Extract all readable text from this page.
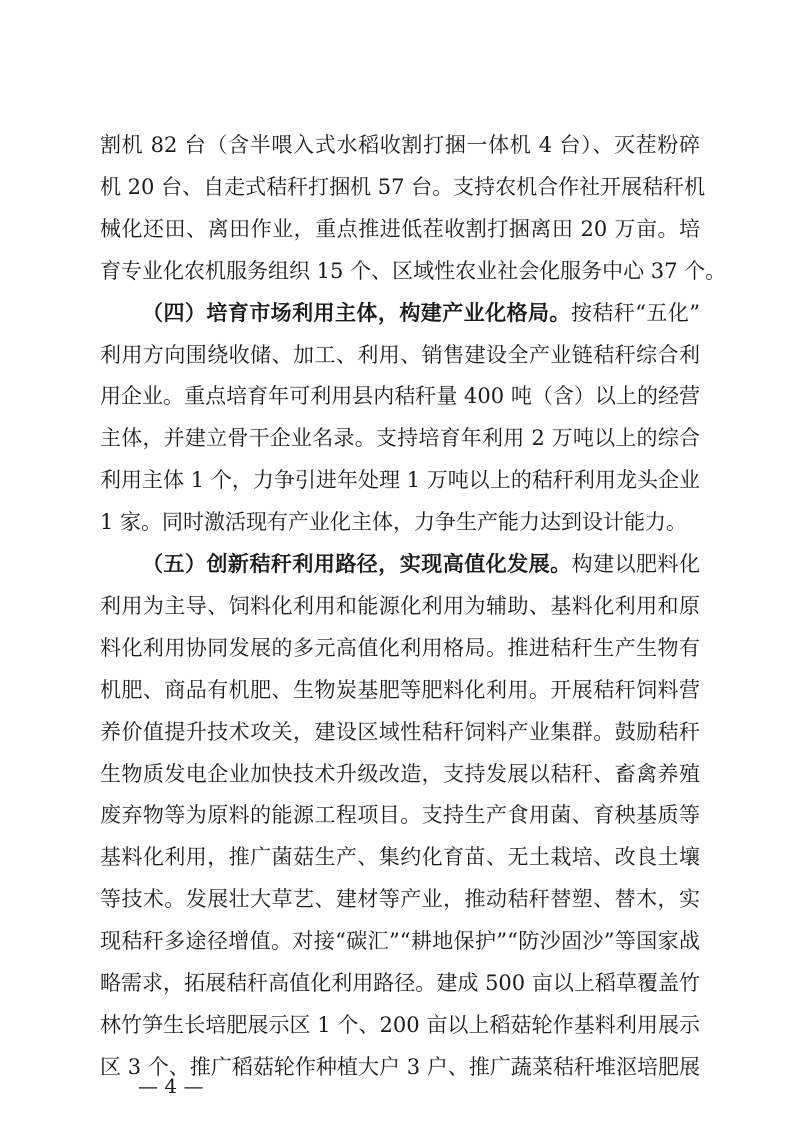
割机 82 台（含半喂入式水稻收割打捆一体机 4 台）、灭茬粉碎
机 20 台、自走式秸秆打捆机 57 台。支持农机合作社开展秸秆机
械化还田、离田作业，重点推进低茬收割打捆离田 20 万亩。培
育专业化农机服务组织 15 个、区域性农业社会化服务中心 37 个。
（四）培育市场利用主体，构建产业化格局。按秸秆“五化”
利用方向围绕收储、加工、利用、销售建设全产业链秸秆综合利
用企业。重点培育年可利用县内秸秆量 400 吨（含）以上的经营
主体，并建立骨干企业名录。支持培育年利用 2 万吨以上的综合
利用主体 1 个，力争引进年处理 1 万吨以上的秸秆利用龙头企业
1 家。同时激活现有产业化主体，力争生产能力达到设计能力。
（五）创新秸秆利用路径，实现高值化发展。构建以肥料化
利用为主导、饲料化利用和能源化利用为辅助、基料化利用和原
料化利用协同发展的多元高值化利用格局。推进秸秆生产生物有
机肥、商品有机肥、生物炭基肥等肥料化利用。开展秸秆饲料营
养价值提升技术攻关，建设区域性秸秆饲料产业集群。鼓励秸秆
生物质发电企业加快技术升级改造，支持发展以秸秆、畜禽养殖
废弃物等为原料的能源工程项目。支持生产食用菌、育秧基质等
基料化利用，推广菌菇生产、集约化育苗、无土栽培、改良土壤
等技术。发展壮大草艺、建材等产业，推动秸秆替塑、替木，实
现秸秆多途径增值。对接“碳汇”“耕地保护”“防沙固沙”等国家战
略需求，拓展秸秆高值化利用路径。建成 500 亩以上稻草覆盖竹
林竹笋生长培肥展示区 1 个、200 亩以上稻菇轮作基料利用展示
区 3 个、推广稻菇轮作种植大户 3 户、推广蔬菜秸秆堆沤培肥展
— 4 —
